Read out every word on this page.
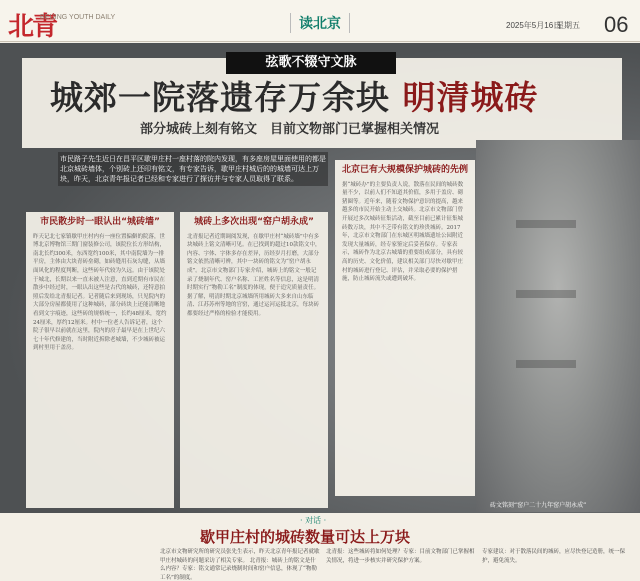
北青
BEIJING YOUTH DAILY	读北京	2025年5月16日
星期五 06
弦歌不辍守文脉
城郊一院落遗存万余块 明清城砖
部分城砖上刻有铭文　目前文物部门已掌握相关情况
市民路子先生近日在昌平区歇甲庄村一座村落的院内发现，有多座房屋里面使用的都是北京城砖墙体，个别砖上还印有铭文，有专家告诉，歇甲庄村城后的的城墙可达上万块，昨天，北京青年报记者已经和专家进行了探访并与专家人员取得了联系。
市民散步时一眼认出“城砖墙”

昨天记北七家镇歇甲庄村内有一座位置偏僻的院落，世博北京博物馆三期门窗装修公司，该院位长方形结构，南北长约300米，东西宽约100米，其中南院墙为一排平房，主体由大块青砖垒砌，如砖缝用石灰勾缝，从墙面风化的程度判断，这些砖年代较为久远。由于该院处于城北，长期以来一直未被人注意，直到近期有市民在散步中经过时，一眼认出这些是古代的城砖，还特意拍照后发给北青报记者。记者随后来到现场，只见院内的大部分房屋都使用了这种城砖，部分砖块上还能清晰地看到文字痕迹，这些砖的规格统一，长约48厘米，宽约24厘米，厚约12厘米。村中一位老人告诉记者，这个院子很早以前就在这里，院内的房子最早是在上世纪六七十年代修建的，当时附近拆除老城墙，不少城砖被运到村里用于盖房。

城砖上多次出现“窑户胡永成”

北青报记者近期调阅发现，在歇甲庄村“城砖墙”中有多块城砖上铭文清晰可见。在已找到的超过10款铭文中，内容、字体、字体多存在差异，历经岁月打磨，大部分铭文依然清晰可辨，其中一块砖的铭文为“窑户胡永成”。北京市文物部门专家介绍，城砖上的铭文一般记录了烧制年代、窑户名称、工匠姓名等信息，这是明清时期实行“物勒工名”制度的体现，便于追究质量责任。据了解，明清时期北京城墙所用城砖大多来自山东临清、江苏苏州等地的官窑，通过运河运抵北京，每块砖都要经过严格的检验才能使用。

北京已有大规模保护城砖的先例

据“城砖办”的主要负责人说，散落在民间的城砖数量不少，以前人们不知道其价值，多用于盖房、砌猪圈等。近年来，随着文物保护意识的提高，越来越多的市民开始主动上交城砖。北京市文物部门曾开展过多次城砖征集活动，截至目前已累计征集城砖数万块，其中不乏带有铭文的珍贵城砖。2017年，北京市文物部门在东城区明城墙遗址公园附近发现大量城砖，经专家鉴定后妥善保存。专家表示，城砖作为北京古城墙的重要组成部分，具有较高的历史、文化价值，建议相关部门尽快对歇甲庄村的城砖进行登记、评估，并采取必要的保护措施，防止城砖流失或遭到破坏。

砖文铭刻“窑户二十九年窑户胡永成”
· 对话 ·
歇甲庄村的城砖数量可达上万块
北京市文物研究所的研究员张先生表示，昨天北京青年报记者就歇甲庄村城砖的问题采访了相关专家。 北青报：城砖上的铭文是什么内容？专家：铭文通常记录烧制时间和窑户信息，体现了“物勒工名”的制度。
北青报：这些城砖将如何处理？专家：目前文物部门已掌握相关情况，将进一步核实并研究保护方案。
专家建议：对于散落民间的城砖，应尽快登记造册，统一保护，避免流失。
